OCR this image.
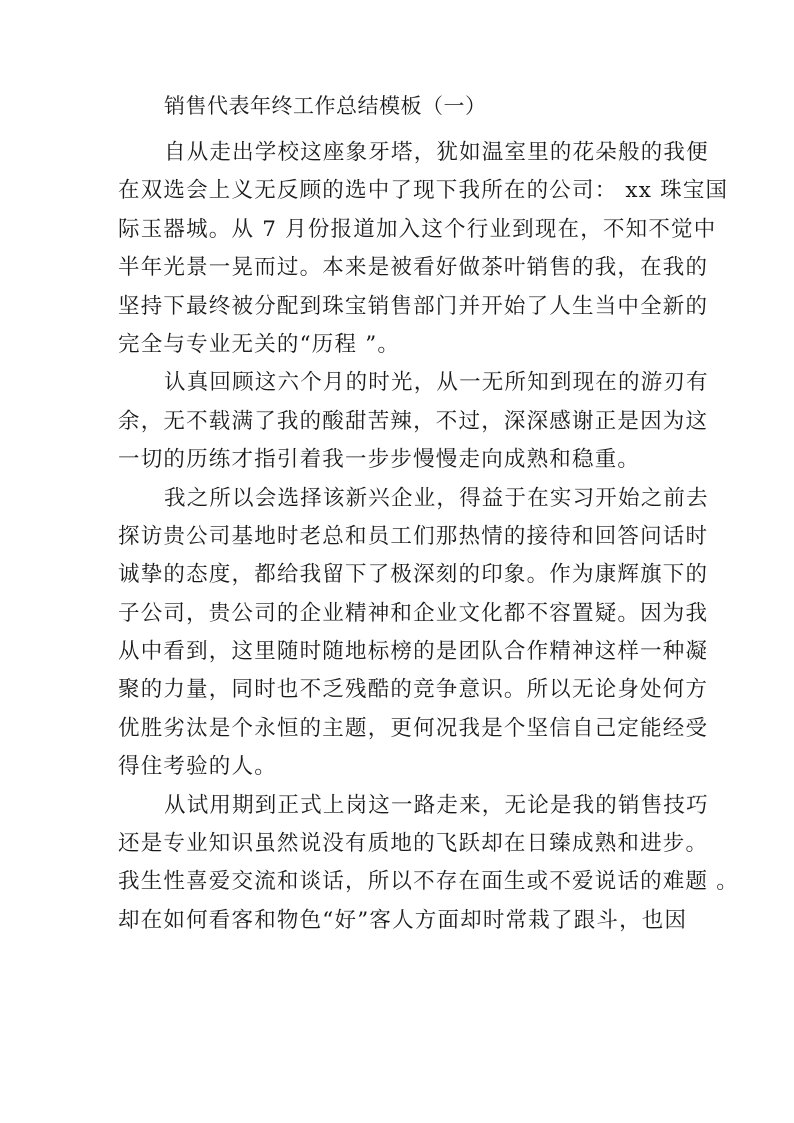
销售代表年终工作总结模板（一）
自从走出学校这座象牙塔，犹如温室里的花朵般的我便
在双选会上义无反顾的选中了现下我所在的公司： xx 珠宝国
际玉器城。从 7 月份报道加入这个行业到现在，不知不觉中
半年光景一晃而过。本来是被看好做茶叶销售的我，在我的
坚持下最终被分配到珠宝销售部门并开始了人生当中全新的
完全与专业无关的“历程 ”。
认真回顾这六个月的时光，从一无所知到现在的游刃有
余，无不载满了我的酸甜苦辣，不过，深深感谢正是因为这
一切的历练才指引着我一步步慢慢走向成熟和稳重。
我之所以会选择该新兴企业，得益于在实习开始之前去
探访贵公司基地时老总和员工们那热情的接待和回答问话时
诚挚的态度，都给我留下了极深刻的印象。作为康辉旗下的
子公司，贵公司的企业精神和企业文化都不容置疑。因为我
从中看到，这里随时随地标榜的是团队合作精神这样一种凝
聚的力量，同时也不乏残酷的竞争意识。所以无论身处何方
优胜劣汰是个永恒的主题，更何况我是个坚信自己定能经受
得住考验的人。
从试用期到正式上岗这一路走来，无论是我的销售技巧
还是专业知识虽然说没有质地的飞跃却在日臻成熟和进步。
我生性喜爱交流和谈话，所以不存在面生或不爱说话的难题 。
却在如何看客和物色“好”客人方面却时常栽了跟斗，也因
